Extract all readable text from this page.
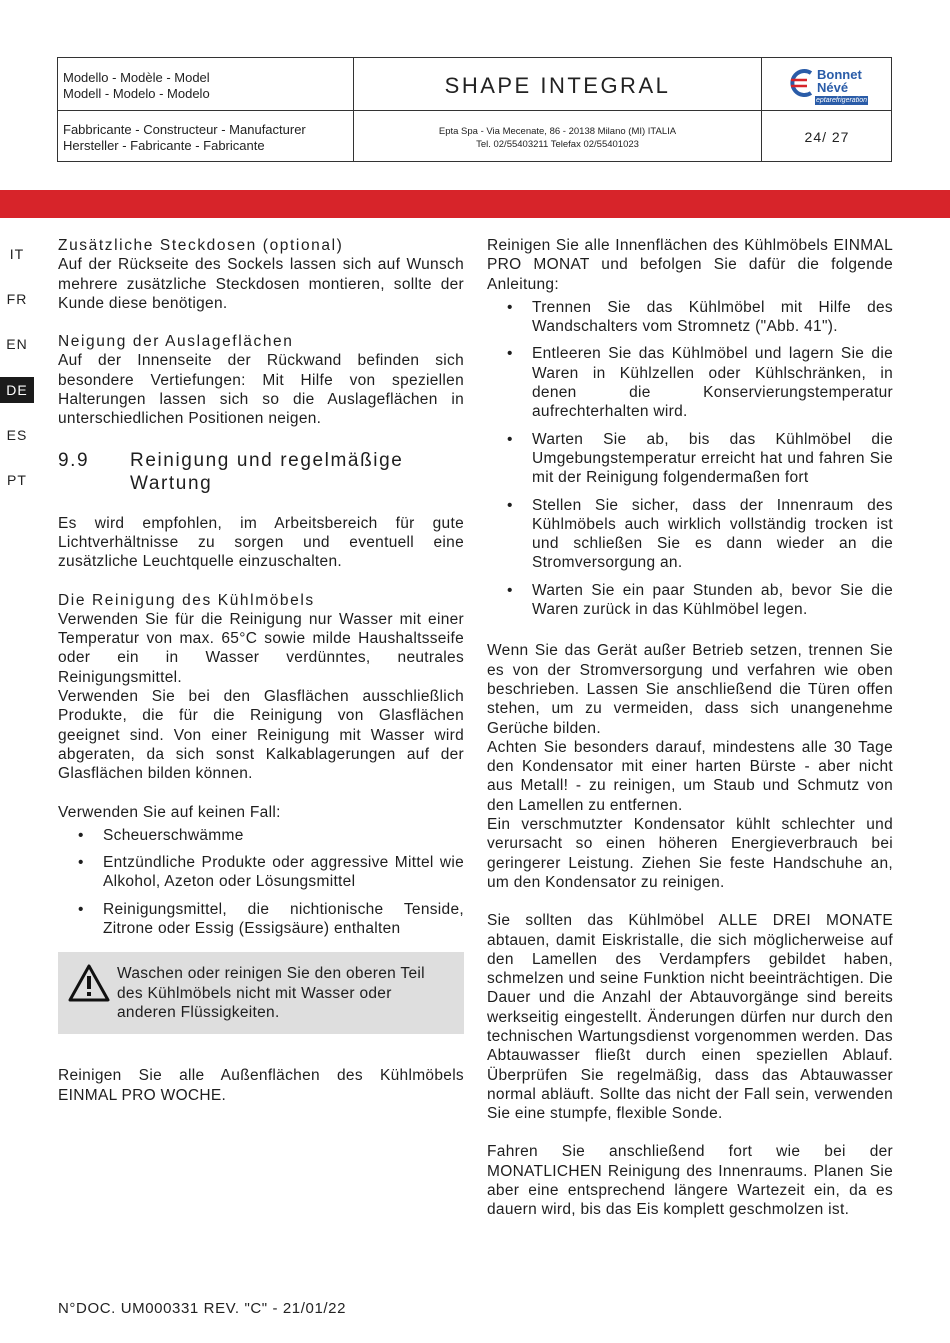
Modello - Modèle - Model
Modell - Modelo - Modelo	SHAPE INTEGRAL
Fabbricante - Constructeur - Manufacturer
Hersteller - Fabricante - Fabricante
Epta Spa - Via Mecenate, 86 - 20138 Milano (MI) ITALIA
Tel. 02/55403211 Telefax 02/55401023	24/ 27
Bonnet
Névé
eptarefrigeration
IT
FR
EN
DE
ES
PT

Zusätzliche Steckdosen (optional)

Auf der Rückseite des Sockels lassen sich auf Wunsch mehrere zusätzliche Steckdosen montieren, sollte der Kunde diese benötigen.

Neigung der Auslageflächen

Auf der Innenseite der Rückwand befinden sich besondere Vertiefungen: Mit Hilfe von speziellen Halterungen lassen sich so die Auslageflächen in unterschiedlichen Positionen neigen.

9.9	Reinigung und regelmäßige Wartung

Es wird empfohlen, im Arbeitsbereich für gute Lichtverhältnisse zu sorgen und eventuell eine zusätzliche Leuchtquelle einzuschalten.

Die Reinigung des Kühlmöbels

Verwenden Sie für die Reinigung nur Wasser mit einer Temperatur von max. 65°C sowie milde Haushaltsseife oder ein in Wasser verdünntes, neutrales Reinigungsmittel.

Verwenden Sie bei den Glasflächen ausschließlich Produkte, die für die Reinigung von Glasflächen geeignet sind. Von einer Reinigung mit Wasser wird abgeraten, da sich sonst Kalkablagerungen auf der Glasflächen bilden können.

Verwenden Sie auf keinen Fall:

• Scheuerschwämme
• Entzündliche Produkte oder aggressive Mittel wie Alkohol, Azeton oder Lösungsmittel
• Reinigungsmittel, die nichtionische Tenside, Zitrone oder Essig (Essigsäure) enthalten

Waschen oder reinigen Sie den oberen Teil des Kühlmöbels nicht mit Wasser oder anderen Flüssigkeiten.

Reinigen Sie alle Außenflächen des Kühlmöbels EINMAL PRO WOCHE.

Reinigen Sie alle Innenflächen des Kühlmöbels EINMAL PRO MONAT und befolgen Sie dafür die folgende Anleitung:

• Trennen Sie das Kühlmöbel mit Hilfe des Wandschalters vom Stromnetz ("Abb. 41").
• Entleeren Sie das Kühlmöbel und lagern Sie die Waren in Kühlzellen oder Kühlschränken, in denen die Konservierungstemperatur aufrechterhalten wird.
• Warten Sie ab, bis das Kühlmöbel die Umgebungstemperatur erreicht hat und fahren Sie mit der Reinigung folgendermaßen fort
• Stellen Sie sicher, dass der Innenraum des Kühlmöbels auch wirklich vollständig trocken ist und schließen Sie es dann wieder an die Stromversorgung an.
• Warten Sie ein paar Stunden ab, bevor Sie die Waren zurück in das Kühlmöbel legen.

Wenn Sie das Gerät außer Betrieb setzen, trennen Sie es von der Stromversorgung und verfahren wie oben beschrieben. Lassen Sie anschließend die Türen offen stehen, um zu vermeiden, dass sich unangenehme Gerüche bilden.

Achten Sie besonders darauf, mindestens alle 30 Tage den Kondensator mit einer harten Bürste - aber nicht aus Metall! - zu reinigen, um Staub und Schmutz von den Lamellen zu entfernen.

Ein verschmutzter Kondensator kühlt schlechter und verursacht so einen höheren Energieverbrauch bei geringerer Leistung. Ziehen Sie feste Handschuhe an, um den Kondensator zu reinigen.

Sie sollten das Kühlmöbel ALLE DREI MONATE abtauen, damit Eiskristalle, die sich möglicherweise auf den Lamellen des Verdampfers gebildet haben, schmelzen und seine Funktion nicht beeinträchtigen. Die Dauer und die Anzahl der Abtauvorgänge sind bereits werkseitig eingestellt. Änderungen dürfen nur durch den technischen Wartungsdienst vorgenommen werden. Das Abtauwasser fließt durch einen speziellen Ablauf. Überprüfen Sie regelmäßig, dass das Abtauwasser normal abläuft. Sollte das nicht der Fall sein, verwenden Sie eine stumpfe, flexible Sonde.

Fahren Sie anschließend fort wie bei der MONATLICHEN Reinigung des Innenraums. Planen Sie aber eine entsprechend längere Wartezeit ein, da es dauern wird, bis das Eis komplett geschmolzen ist.

N°DOC. UM000331 REV. "C" - 21/01/22
